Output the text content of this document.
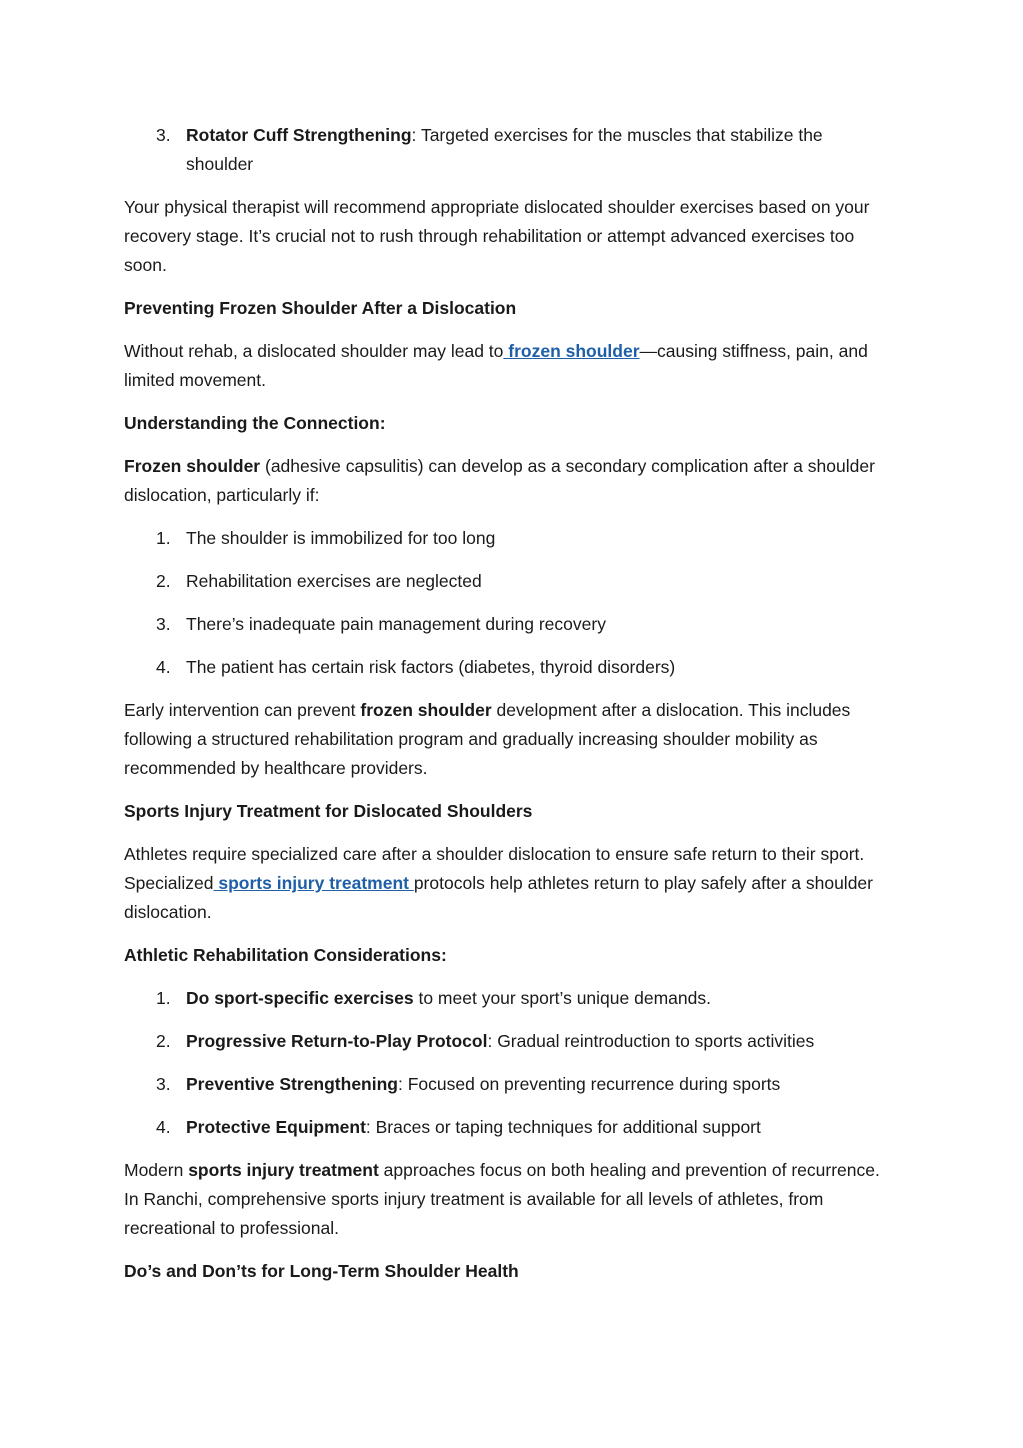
3. Rotator Cuff Strengthening: Targeted exercises for the muscles that stabilize the shoulder

Your physical therapist will recommend appropriate dislocated shoulder exercises based on your recovery stage. It’s crucial not to rush through rehabilitation or attempt advanced exercises too soon.

Preventing Frozen Shoulder After a Dislocation

Without rehab, a dislocated shoulder may lead to frozen shoulder—causing stiffness, pain, and limited movement.

Understanding the Connection:

Frozen shoulder (adhesive capsulitis) can develop as a secondary complication after a shoulder dislocation, particularly if:

1. The shoulder is immobilized for too long
2. Rehabilitation exercises are neglected
3. There’s inadequate pain management during recovery
4. The patient has certain risk factors (diabetes, thyroid disorders)

Early intervention can prevent frozen shoulder development after a dislocation. This includes following a structured rehabilitation program and gradually increasing shoulder mobility as recommended by healthcare providers.

Sports Injury Treatment for Dislocated Shoulders

Athletes require specialized care after a shoulder dislocation to ensure safe return to their sport. Specialized sports injury treatment protocols help athletes return to play safely after a shoulder dislocation.

Athletic Rehabilitation Considerations:

1. Do sport-specific exercises to meet your sport’s unique demands.
2. Progressive Return-to-Play Protocol: Gradual reintroduction to sports activities
3. Preventive Strengthening: Focused on preventing recurrence during sports
4. Protective Equipment: Braces or taping techniques for additional support

Modern sports injury treatment approaches focus on both healing and prevention of recurrence. In Ranchi, comprehensive sports injury treatment is available for all levels of athletes, from recreational to professional.

Do’s and Don’ts for Long-Term Shoulder Health
